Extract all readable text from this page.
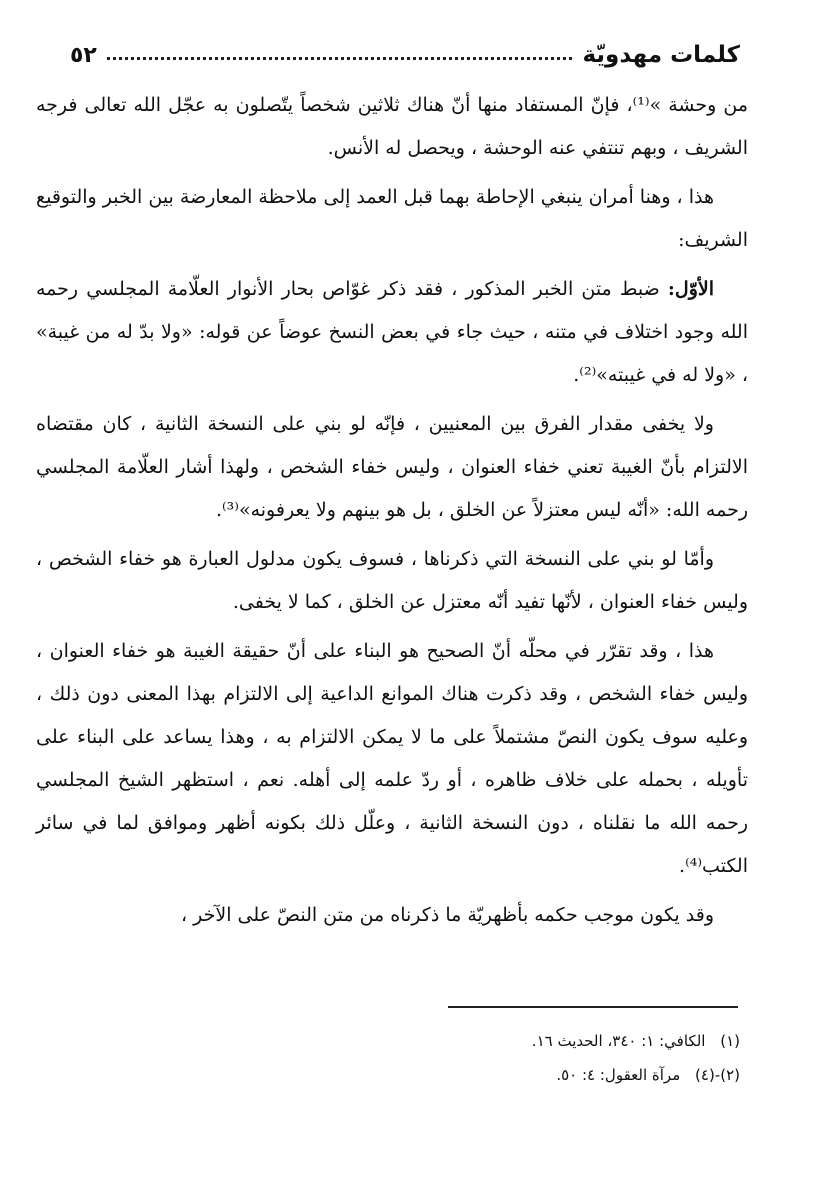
كلمات مهدويّة
٥٢

من وحشة »⁽¹⁾، فإنّ المستفاد منها أنّ هناك ثلاثين شخصاً يتّصلون به عجّل الله تعالى فرجه الشريف ، وبهم تنتفي عنه الوحشة ، ويحصل له الأنس.

هذا ، وهنا أمران ينبغي الإحاطة بهما قبل العمد إلى ملاحظة المعارضة بين الخبر والتوقيع الشريف:

الأوّل: ضبط متن الخبر المذكور ، فقد ذكر غوّاص بحار الأنوار العلّامة المجلسي رحمه الله وجود اختلاف في متنه ، حيث جاء في بعض النسخ عوضاً عن قوله: «ولا بدّ له من غيبة» ، «ولا له في غيبته»⁽²⁾.

ولا يخفى مقدار الفرق بين المعنيين ، فإنّه لو بني على النسخة الثانية ، كان مقتضاه الالتزام بأنّ الغيبة تعني خفاء العنوان ، وليس خفاء الشخص ، ولهذا أشار العلّامة المجلسي رحمه الله: «أنّه ليس معتزلاً عن الخلق ، بل هو بينهم ولا يعرفونه»⁽³⁾.

وأمّا لو بني على النسخة التي ذكرناها ، فسوف يكون مدلول العبارة هو خفاء الشخص ، وليس خفاء العنوان ، لأنّها تفيد أنّه معتزل عن الخلق ، كما لا يخفى.

هذا ، وقد تقرّر في محلّه أنّ الصحيح هو البناء على أنّ حقيقة الغيبة هو خفاء العنوان ، وليس خفاء الشخص ، وقد ذكرت هناك الموانع الداعية إلى الالتزام بهذا المعنى دون ذلك ، وعليه سوف يكون النصّ مشتملاً على ما لا يمكن الالتزام به ، وهذا يساعد على البناء على تأويله ، بحمله على خلاف ظاهره ، أو ردّ علمه إلى أهله. نعم ، استظهر الشيخ المجلسي رحمه الله ما نقلناه ، دون النسخة الثانية ، وعلّل ذلك بكونه أظهر وموافق لما في سائر الكتب⁽⁴⁾.

وقد يكون موجب حكمه بأظهريّة ما ذكرناه من متن النصّ على الآخر ،

(١) الكافي: ١: ٣٤٠، الحديث ١٦.
(٢)-(٤) مرآة العقول: ٤: ٥٠.
